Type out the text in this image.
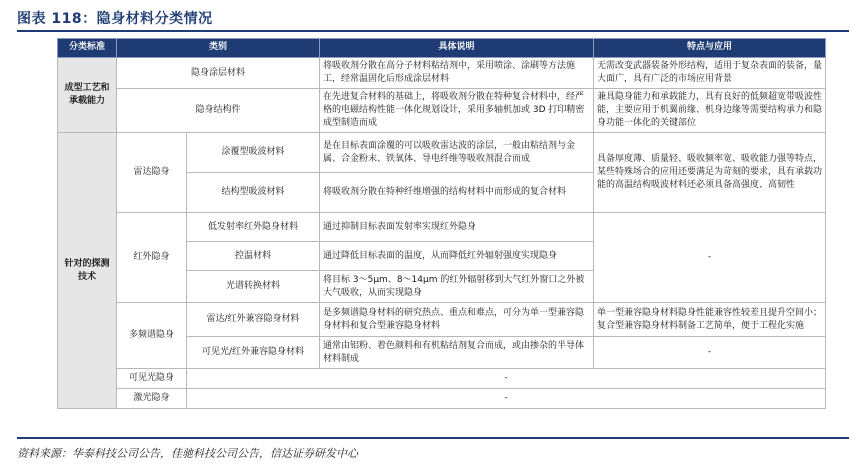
图表 118：隐身材料分类情况
分类标准	类别		具体说明	特点与应用
成型工艺和承载能力	隐身涂层材料		将吸收剂分散在高分子材料粘结剂中，采用喷涂、涂刷等方法施工，经常温固化后形成涂层材料	无需改变武器装备外形结构，适用于复杂表面的装备，量大面广，具有广泛的市场应用背景
	隐身结构件		在先进复合材料的基础上，将吸收剂分散在特种复合材料中，经严格的电磁结构性能一体化规划设计，采用多轴机加或 3D 打印精密成型制造而成	兼具隐身能力和承载能力，具有良好的低频超宽带吸波性能，主要应用于机翼前缘、机身边缘等需要结构承力和隐身功能一体化的关键部位
针对的探测技术	雷达隐身	涂覆型吸波材料	是在目标表面涂覆的可以吸收雷达波的涂层，一般由粘结剂与金属、合金粉末、铁氧体、导电纤维等吸收剂混合而成	具备厚度薄、质量轻、吸收频率宽、吸收能力强等特点，某些特殊场合的应用还要满足为苛刻的要求，具有承载功能的高温结构吸波材料还必须具备高强度、高韧性
		结构型吸波材料	将吸收剂分散在特种纤维增强的结构材料中而形成的复合材料	
	红外隐身	低发射率红外隐身材料	通过抑制目标表面发射率实现红外隐身	-
		控温材料	通过降低目标表面的温度，从而降低红外辐射强度实现隐身	
		光谱转换材料	将目标 3～5μm、8～14μm 的红外辐射移到大气红外窗口之外被大气吸收，从而实现隐身	
	多频谱隐身	雷达/红外兼容隐身材料	是多频谱隐身材料的研究热点、重点和难点，可分为单一型兼容隐身材料和复合型兼容隐身材料	单一型兼容隐身材料隐身性能兼容性较差且提升空间小；复合型兼容隐身材料制备工艺简单，便于工程化实施
		可见光/红外兼容隐身材料	通常由铝粉、着色颜料和有机粘结剂复合而成，或由掺杂的半导体材料制成	-
	可见光隐身	-		
	激光隐身	-		
资料来源：华泰科技公司公告，佳驰科技公司公告，信达证券研发中心
